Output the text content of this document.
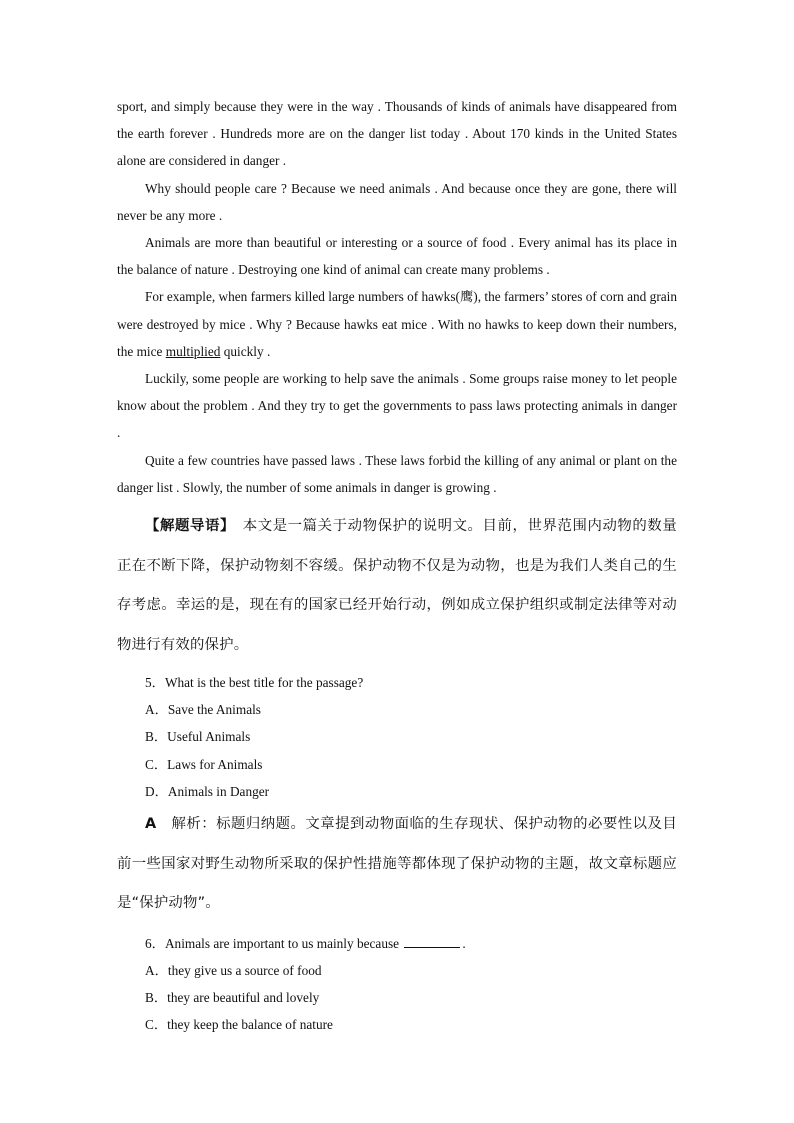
sport, and simply because they were in the way . Thousands of kinds of animals have disappeared from the earth forever . Hundreds more are on the danger list today . About 170 kinds in the United States alone are considered in danger .

Why should people care ? Because we need animals . And because once they are gone, there will never be any more .

Animals are more than beautiful or interesting or a source of food . Every animal has its place in the balance of nature . Destroying one kind of animal can create many problems .

For example, when farmers killed large numbers of hawks(鹰), the farmers’ stores of corn and grain were destroyed by mice . Why ? Because hawks eat mice . With no hawks to keep down their numbers, the mice multiplied quickly .

Luckily, some people are working to help save the animals . Some groups raise money to let people know about the problem . And they try to get the governments to pass laws protecting animals in danger .

Quite a few countries have passed laws . These laws forbid the killing of any animal or plant on the danger list . Slowly, the number of some animals in danger is growing .

【解题导语】　 本文是一篇关于动物保护的说明文。目前，世界范围内动物的数量正在不断下降，保护动物刻不容缓。保护动物不仅是为动物，也是为我们人类自己的生存考虑。幸运的是，现在有的国家已经开始行动，例如成立保护组织或制定法律等对动物进行有效的保护。

5．What is the best title for the passage?

A．Save the Animals

B．Useful Animals

C．Laws for Animals

D．Animals in Danger

A　 解析：标题归纳题。文章提到动物面临的生存现状、保护动物的必要性以及目前一些国家对野生动物所采取的保护性措施等都体现了保护动物的主题，故文章标题应是“保护动物”。

6．Animals are important to us mainly because	.

A．they give us a source of food

B．they are beautiful and lovely

C．they keep the balance of nature
